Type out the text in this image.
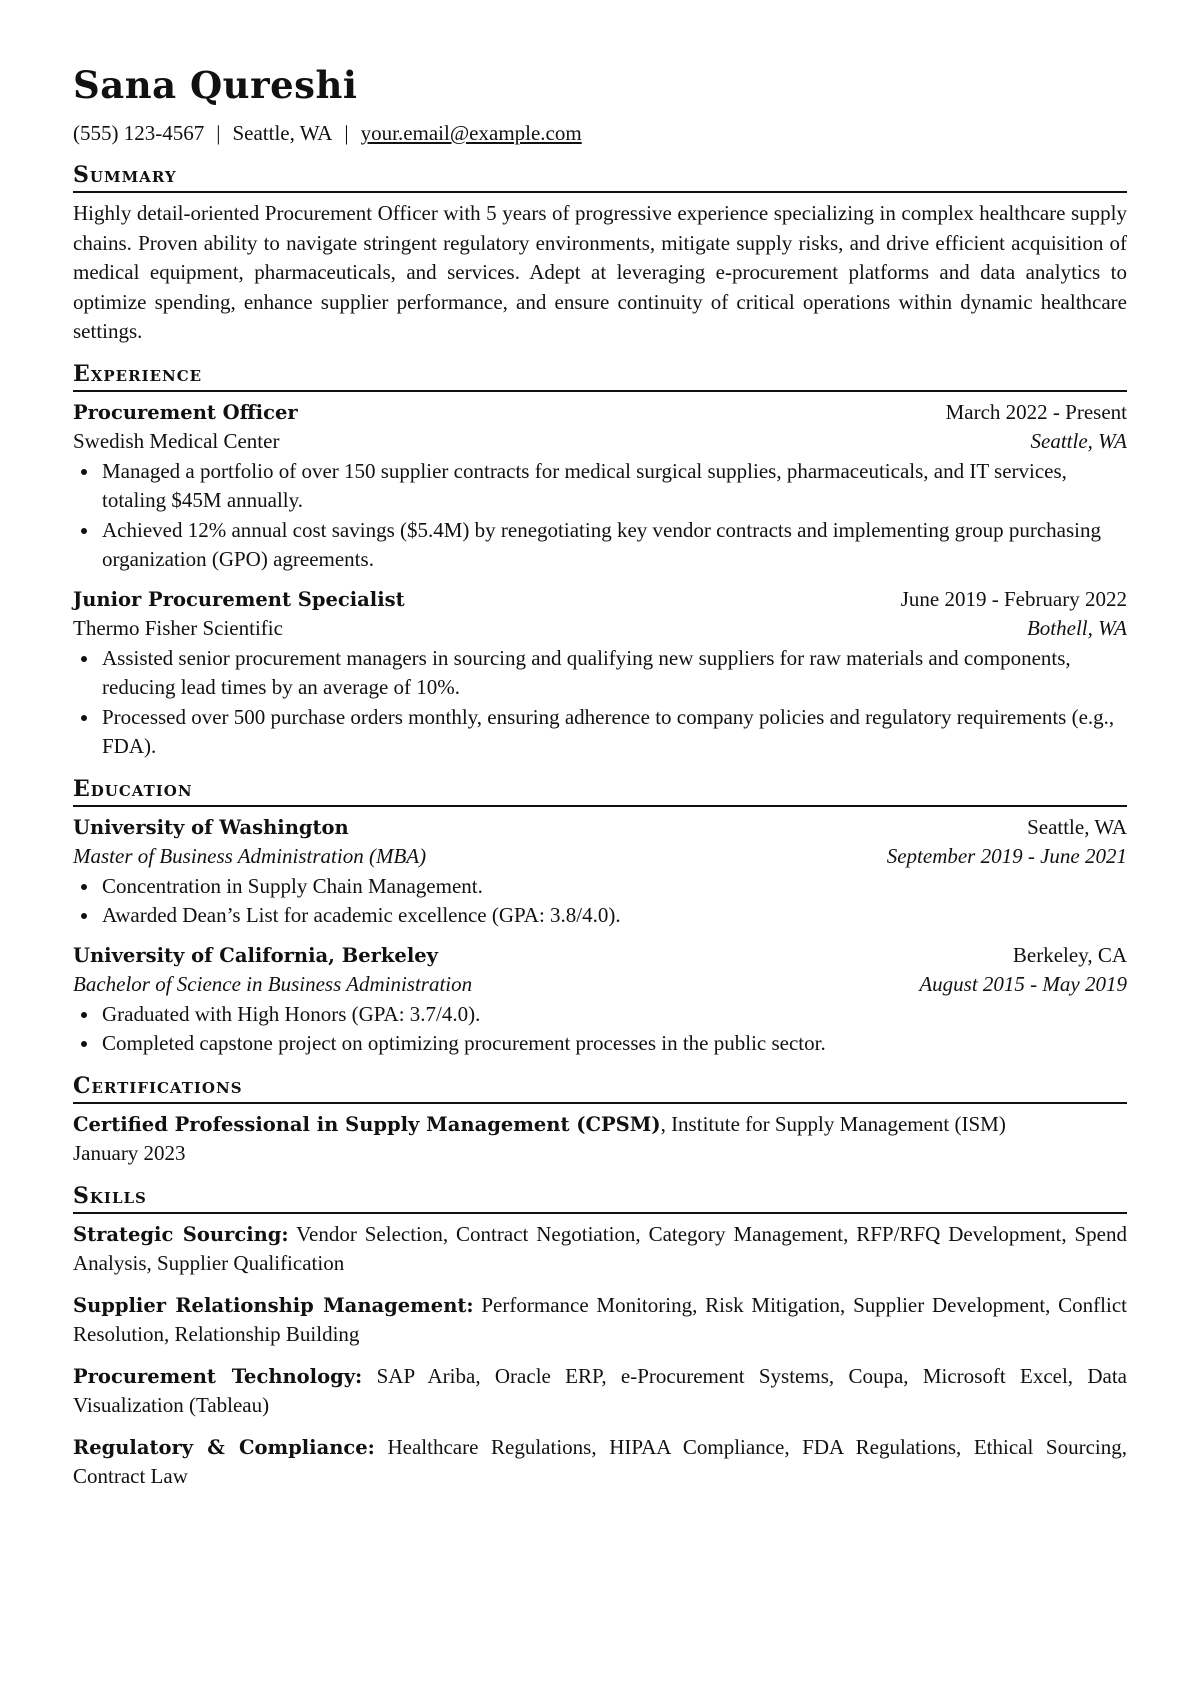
Sana Qureshi
(555) 123-4567 | Seattle, WA | your.email@example.com
Summary
Highly detail-oriented Procurement Officer with 5 years of progressive experience specializing in complex healthcare supply chains. Proven ability to navigate stringent regulatory environments, mitigate supply risks, and drive efficient acquisition of medical equipment, pharmaceuticals, and services. Adept at leveraging e-procurement platforms and data analytics to optimize spending, enhance supplier performance, and ensure continuity of critical operations within dynamic healthcare settings.
Experience
Procurement Officer	March 2022 - Present
Swedish Medical Center	Seattle, WA
• Managed a portfolio of over 150 supplier contracts for medical surgical supplies, pharmaceuticals, and IT services, totaling $45M annually.
• Achieved 12% annual cost savings ($5.4M) by renegotiating key vendor contracts and implementing group purchasing organization (GPO) agreements.
Junior Procurement Specialist	June 2019 - February 2022
Thermo Fisher Scientific	Bothell, WA
• Assisted senior procurement managers in sourcing and qualifying new suppliers for raw materials and components, reducing lead times by an average of 10%.
• Processed over 500 purchase orders monthly, ensuring adherence to company policies and regulatory requirements (e.g., FDA).
Education
University of Washington	Seattle, WA
Master of Business Administration (MBA)	September 2019 - June 2021
• Concentration in Supply Chain Management.
• Awarded Dean’s List for academic excellence (GPA: 3.8/4.0).
University of California, Berkeley	Berkeley, CA
Bachelor of Science in Business Administration	August 2015 - May 2019
• Graduated with High Honors (GPA: 3.7/4.0).
• Completed capstone project on optimizing procurement processes in the public sector.
Certifications
Certified Professional in Supply Management (CPSM), Institute for Supply Management (ISM)
January 2023
Skills
Strategic Sourcing: Vendor Selection, Contract Negotiation, Category Management, RFP/RFQ Development, Spend Analysis, Supplier Qualification
Supplier Relationship Management: Performance Monitoring, Risk Mitigation, Supplier Development, Conflict Resolution, Relationship Building
Procurement Technology: SAP Ariba, Oracle ERP, e-Procurement Systems, Coupa, Microsoft Excel, Data Visualization (Tableau)
Regulatory & Compliance: Healthcare Regulations, HIPAA Compliance, FDA Regulations, Ethical Sourcing, Contract Law
